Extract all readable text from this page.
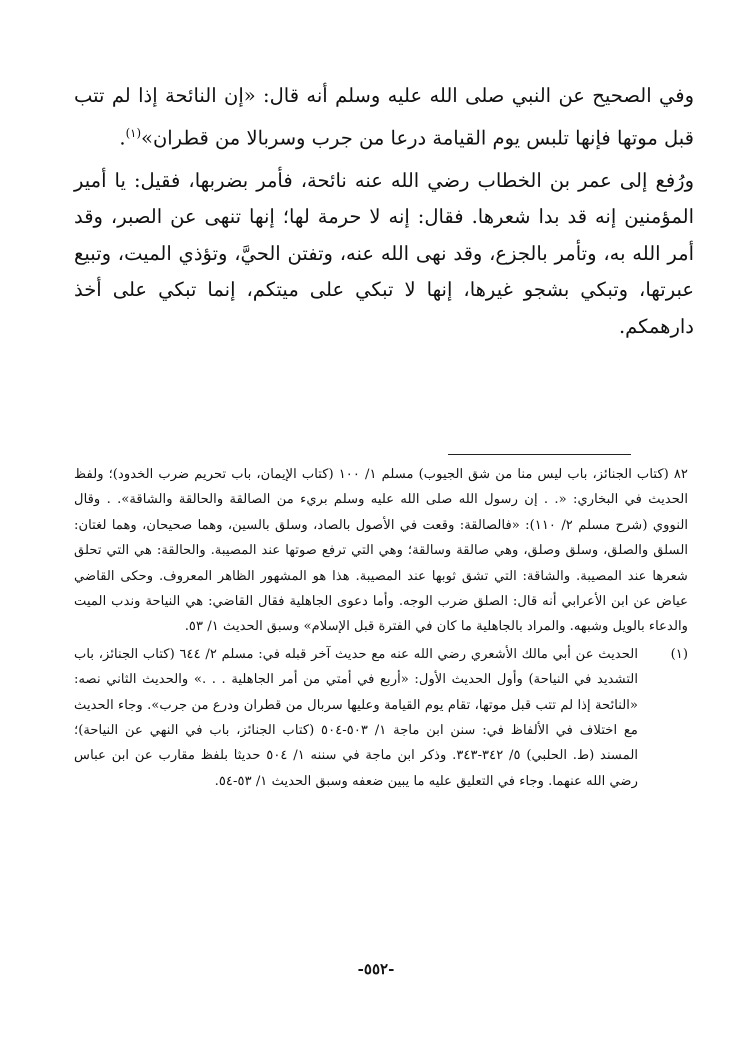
وفي الصحيح عن النبي صلى الله عليه وسلم أنه قال: «إن النائحة إذا لم تتب قبل موتها فإنها تلبس يوم القيامة درعا من جرب وسربالا من قطران»$^{(١)}$.

ورُفع إلى عمر بن الخطاب رضي الله عنه نائحة، فأمر بضربها، فقيل: يا أمير المؤمنين إنه قد بدا شعرها. فقال: إنه لا حرمة لها؛ إنها تنهى عن الصبر، وقد أمر الله به، وتأمر بالجزع، وقد نهى الله عنه، وتفتن الحيَّ، وتؤذي الميت، وتبيع عبرتها، وتبكي بشجو غيرها، إنها لا تبكي على ميتكم، إنما تبكي على أخذ دارهمكم.

٨٢ (كتاب الجنائز، باب ليس منا من شق الجيوب) مسلم ١/ ١٠٠ (كتاب الإيمان، باب تحريم ضرب الخدود)؛ ولفظ الحديث في البخاري: «. . إن رسول الله صلى الله عليه وسلم بريء من الصالقة والحالقة والشاقة». . وقال النووي (شرح مسلم ٢/ ١١٠): «فالصالقة: وقعت في الأصول بالصاد، وسلق بالسين، وهما صحيحان، وهما لغتان: السلق والصلق، وسلق وصلق، وهي صالقة وسالقة؛ وهي التي ترفع صوتها عند المصيبة. والحالقة: هي التي تحلق شعرها عند المصيبة. والشاقة: التي تشق ثوبها عند المصيبة. هذا هو المشهور الظاهر المعروف. وحكى القاضي عياض عن ابن الأعرابي أنه قال: الصلق ضرب الوجه. وأما دعوى الجاهلية فقال القاضي: هي النياحة وندب الميت والدعاء بالويل وشبهه. والمراد بالجاهلية ما كان في الفترة قبل الإسلام» وسبق الحديث ١/ ٥٣.

(١)
الحديث عن أبي مالك الأشعري رضي الله عنه مع حديث آخر قبله في: مسلم ٢/ ٦٤٤ (كتاب الجنائز، باب التشديد في النياحة) وأول الحديث الأول: «أربع في أمتي من أمر الجاهلية . . .» والحديث الثاني نصه: «النائحة إذا لم تتب قبل موتها، تقام يوم القيامة وعليها سربال من قطران ودرع من جرب». وجاء الحديث مع اختلاف في الألفاظ في: سنن ابن ماجة ١/ ٥٠٣-٥٠٤ (كتاب الجنائز، باب في النهي عن النياحة)؛ المسند (ط. الحلبي) ٥/ ٣٤٢-٣٤٣. وذكر ابن ماجة في سننه ١/ ٥٠٤ حديثا بلفظ مقارب عن ابن عباس رضي الله عنهما. وجاء في التعليق عليه ما يبين ضعفه وسبق الحديث ١/ ٥٣-٥٤.

-٥٥٢-
